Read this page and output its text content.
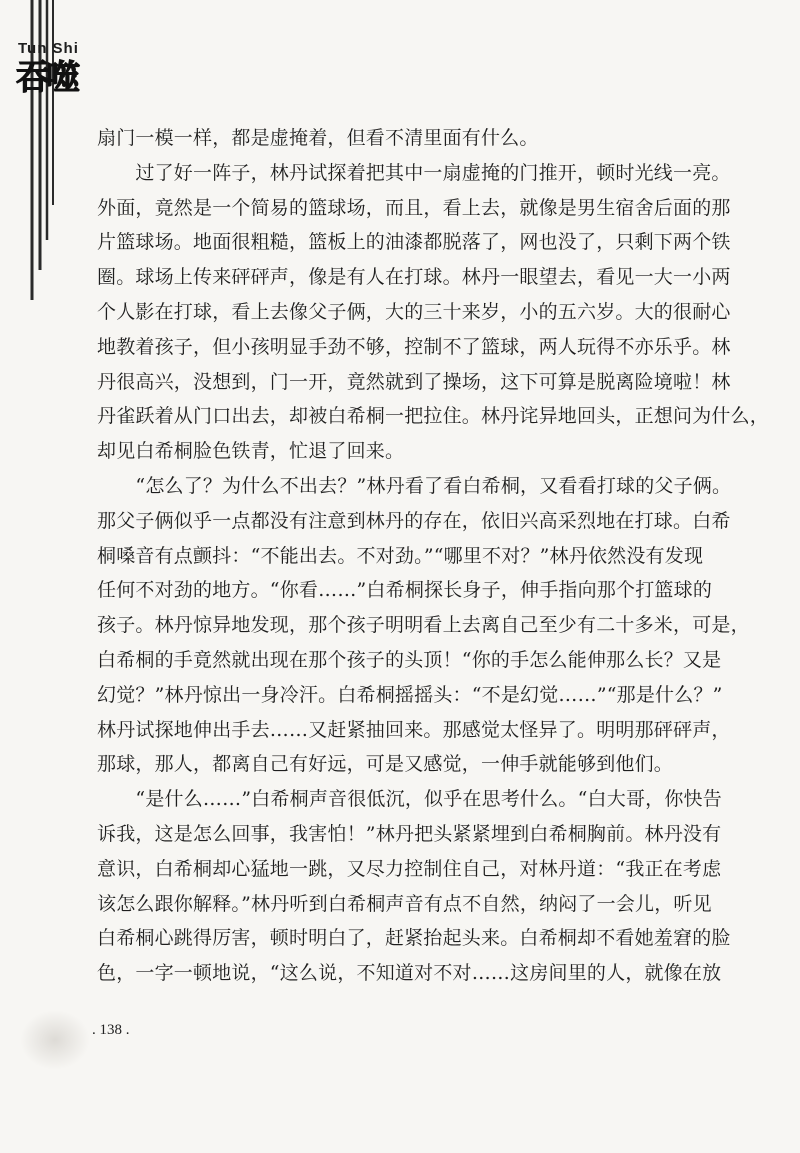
Tun Shi
吞噬

扇门一模一样，都是虚掩着，但看不清里面有什么。

　　过了好一阵子，林丹试探着把其中一扇虚掩的门推开，顿时光线一亮。

外面，竟然是一个简易的篮球场，而且，看上去，就像是男生宿舍后面的那

片篮球场。地面很粗糙，篮板上的油漆都脱落了，网也没了，只剩下两个铁

圈。球场上传来砰砰声，像是有人在打球。林丹一眼望去，看见一大一小两

个人影在打球，看上去像父子俩，大的三十来岁，小的五六岁。大的很耐心

地教着孩子，但小孩明显手劲不够，控制不了篮球，两人玩得不亦乐乎。林

丹很高兴，没想到，门一开，竟然就到了操场，这下可算是脱离险境啦！林

丹雀跃着从门口出去，却被白希桐一把拉住。林丹诧异地回头，正想问为什么，

却见白希桐脸色铁青，忙退了回来。

　　“怎么了？为什么不出去？”林丹看了看白希桐，又看看打球的父子俩。

那父子俩似乎一点都没有注意到林丹的存在，依旧兴高采烈地在打球。白希

桐嗓音有点颤抖：“不能出去。不对劲。”“哪里不对？”林丹依然没有发现

任何不对劲的地方。“你看……”白希桐探长身子，伸手指向那个打篮球的

孩子。林丹惊异地发现，那个孩子明明看上去离自己至少有二十多米，可是，

白希桐的手竟然就出现在那个孩子的头顶！“你的手怎么能伸那么长？又是

幻觉？”林丹惊出一身冷汗。白希桐摇摇头：“不是幻觉……”“那是什么？”

林丹试探地伸出手去……又赶紧抽回来。那感觉太怪异了。明明那砰砰声，

那球，那人，都离自己有好远，可是又感觉，一伸手就能够到他们。

　　“是什么……”白希桐声音很低沉，似乎在思考什么。“白大哥，你快告

诉我，这是怎么回事，我害怕！”林丹把头紧紧埋到白希桐胸前。林丹没有

意识，白希桐却心猛地一跳，又尽力控制住自己，对林丹道：“我正在考虑

该怎么跟你解释。”林丹听到白希桐声音有点不自然，纳闷了一会儿，听见

白希桐心跳得厉害，顿时明白了，赶紧抬起头来。白希桐却不看她羞窘的脸

色，一字一顿地说，“这么说，不知道对不对……这房间里的人，就像在放

. 138 .
